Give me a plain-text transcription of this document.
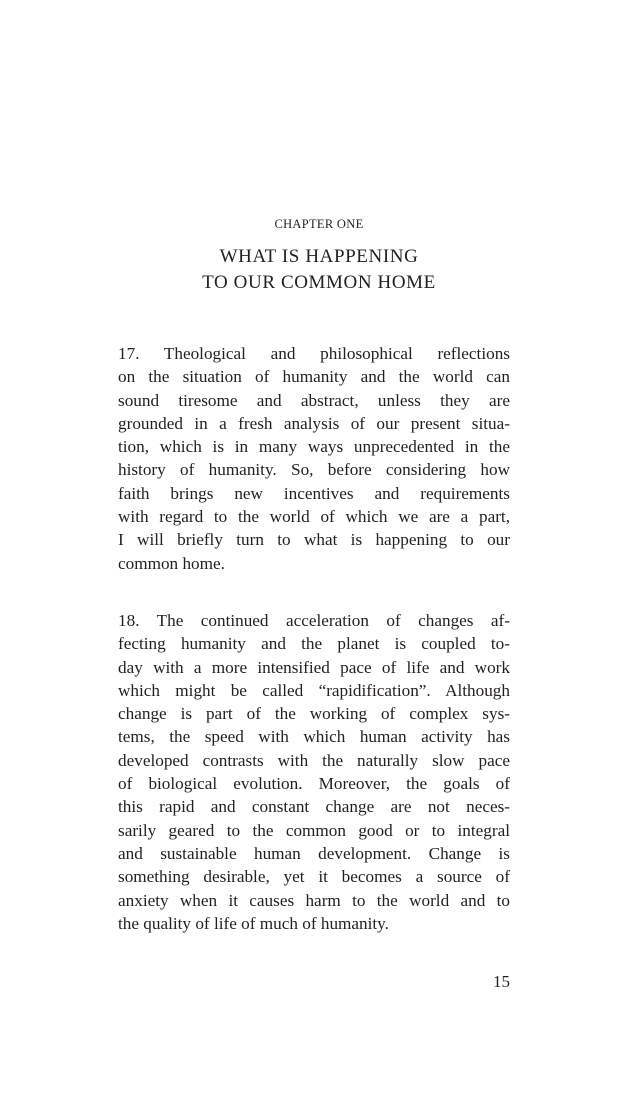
CHAPTER ONE
WHAT IS HAPPENING
TO OUR COMMON HOME

17. Theological and philosophical reflections
on the situation of humanity and the world can
sound tiresome and abstract, unless they are
grounded in a fresh analysis of our present situa-
tion, which is in many ways unprecedented in the
history of humanity. So, before considering how
faith brings new incentives and requirements
with regard to the world of which we are a part,
I will briefly turn to what is happening to our
common home.

18. The continued acceleration of changes af-
fecting humanity and the planet is coupled to-
day with a more intensified pace of life and work
which might be called “rapidification”. Although
change is part of the working of complex sys-
tems, the speed with which human activity has
developed contrasts with the naturally slow pace
of biological evolution. Moreover, the goals of
this rapid and constant change are not neces-
sarily geared to the common good or to integral
and sustainable human development. Change is
something desirable, yet it becomes a source of
anxiety when it causes harm to the world and to
the quality of life of much of humanity.

15
